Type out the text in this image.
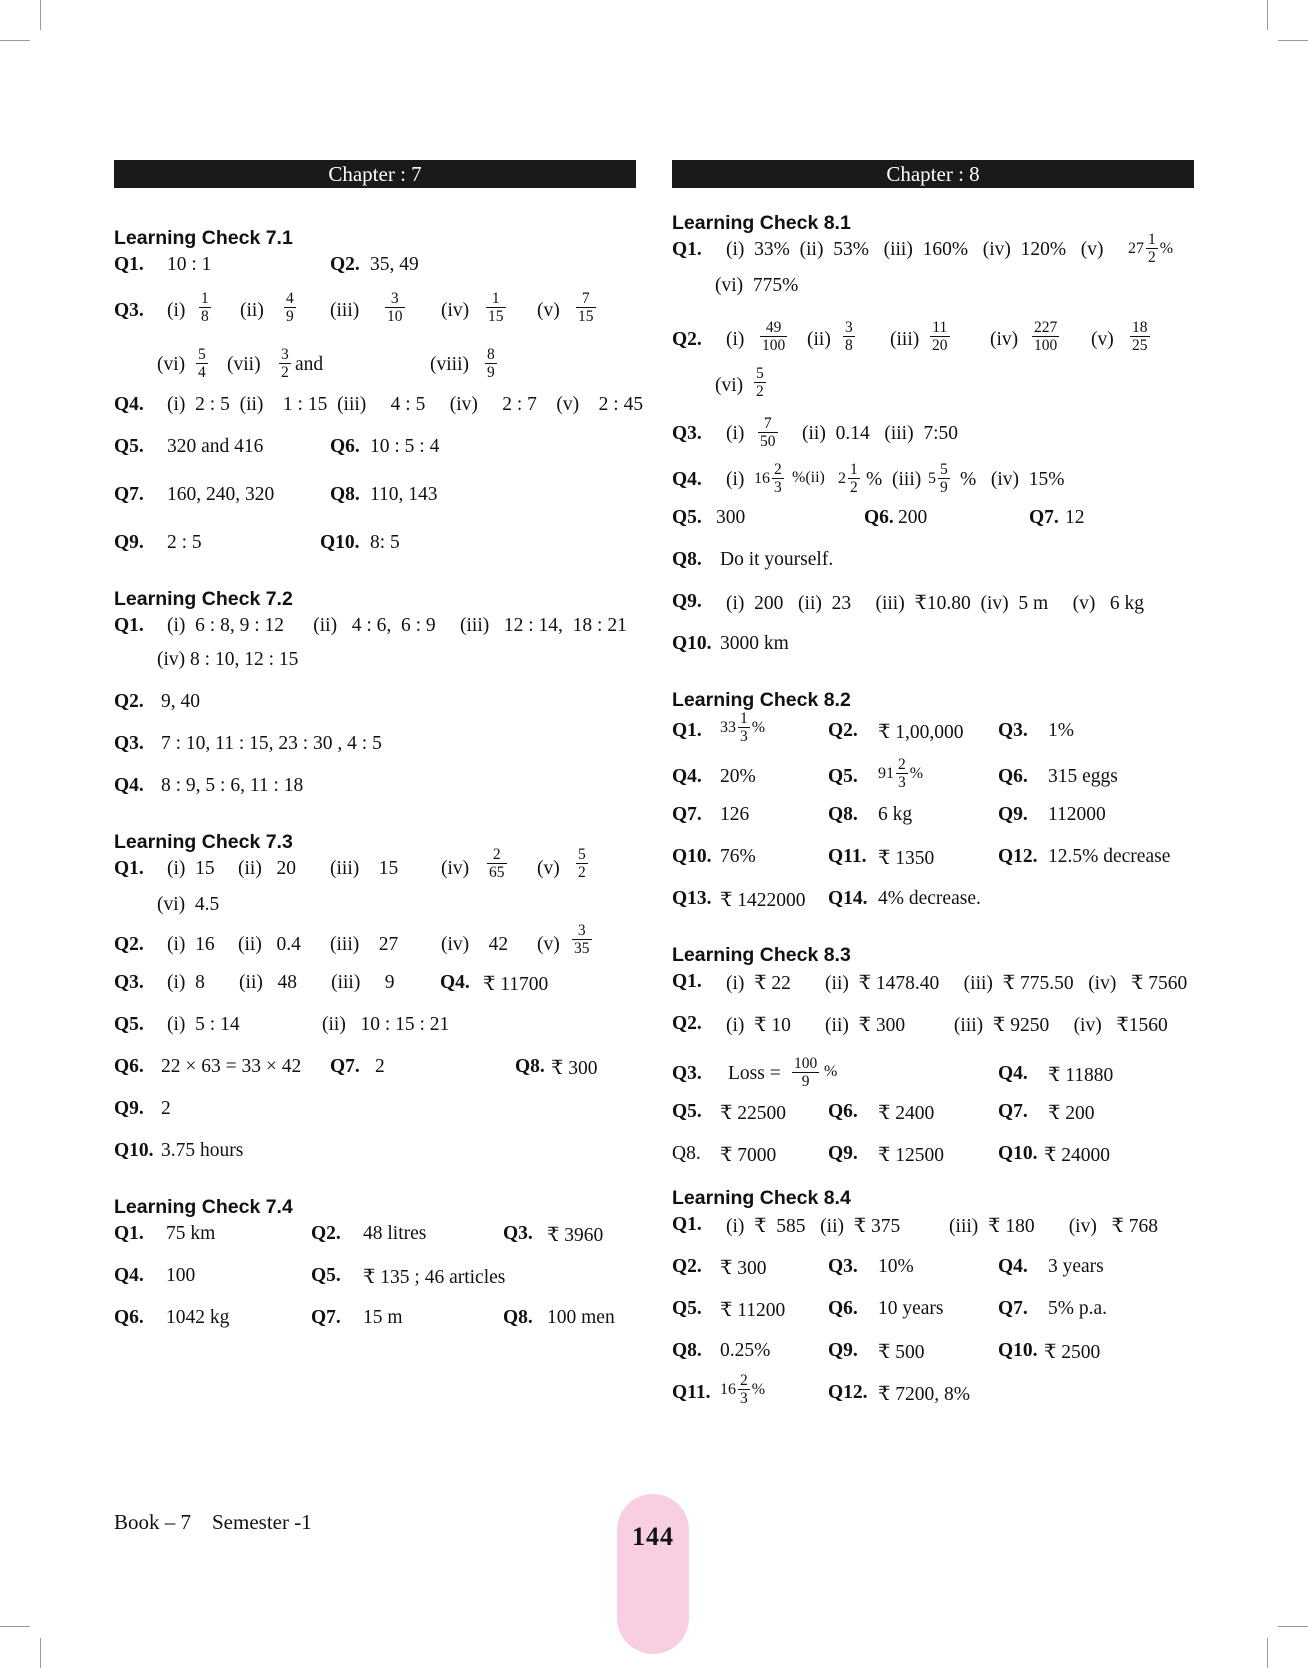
Chapter : 7
Learning Check 7.1
Q1. 10 : 1	Q2. 35, 49
Q3. $(i) \frac{1}{8} (ii) \frac{4}{9} (iii) \frac{3}{10} (iv) \frac{1}{15} (v) \frac{7}{15}$
$(vi) \frac{5}{4} (vii) \frac{3}{2}$ and	(viii) $\frac{8}{9}$
Q4. (i)  2 : 5  (ii)    1 : 15  (iii)     4 : 5     (iv)     2 : 7    (v)    2 : 45
Q5. 320 and 416	Q6. 10 : 5 : 4
Q7. 160, 240, 320	Q8. 110, 143
Q9. 2 : 5	Q10. 8: 5
Learning Check 7.2
Q1. (i)  6 : 8, 9 : 12      (ii)   4 : 6,  6 : 9     (iii)   12 : 14,  18 : 21
(iv) 8 : 10, 12 : 15
Q2. 9, 40
Q3. 7 : 10, 11 : 15, 23 : 30 , 4 : 5
Q4. 8 : 9, 5 : 6, 11 : 18
Learning Check 7.3
Q1. (i)  15 (ii)   20 (iii)    15 $(iv) \frac{2}{65} (v) \frac{5}{2}$
(vi)  4.5
Q2. (i)  16 (ii)   0.4 (iii)    27 (iv)    42 $(v) \frac{3}{35}$
Q3. (i)  8       (ii)   48       (iii)     9 Q4. ₹ 11700
Q5. (i)  5 : 14	(ii)   10 : 15 : 21
Q6. 22 × 63 = 33 × 42 Q7. 2	Q8. ₹ 300
Q9. 2
Q10. 3.75 hours
Learning Check 7.4
Q1. 75 km	Q2. 48 litres	Q3. ₹ 3960
Q4. 100	Q5. ₹ 135 ; 46 articles
Q6. 1042 kg	Q7. 15 m	Q8. 100 men
Chapter : 8
Learning Check 8.1
Q1. (i)  33%  (ii)  53%   (iii)  160%   (iv)  120%   (v) $27 \frac{1}{2}$ %
(vi)  775%
Q2. $(i) \frac{49}{100} (ii) \frac{3}{8} (iii) \frac{11}{20} (iv) \frac{227}{100} (v) \frac{18}{25}$
$(vi) \frac{5}{2}$
Q3. $(i) \frac{7}{50} (ii)$  0.14   (iii)  7:50
Q4. (i) $16 \frac{2}{3} \%(ii)$ $2 \frac{1}{2}$ %  (iii) $5 \frac{5}{9}$ %   (iv)  15%
Q5. 300	Q6. 200	Q7. 12
Q8. Do it yourself.
Q9. (i)  200   (ii)  23     (iii)  ₹10.80  (iv)  5 m     (v)   6 kg
Q10. 3000 km
Learning Check 8.2
Q1. $33 \frac{1}{3}$ %	Q2. ₹ 1,00,000 Q3. 1%
Q4. 20%	Q5. $91 \frac{2}{3}$ %	Q6. 315 eggs
Q7. 126	Q8. 6 kg	Q9. 112000
Q10. 76%	Q11. ₹ 1350	Q12. 12.5% decrease
Q13. ₹ 1422000 Q14. 4% decrease.
Learning Check 8.3
Q1. (i)  ₹ 22       (ii)  ₹ 1478.40     (iii)  ₹ 775.50   (iv)   ₹ 7560
Q2. (i)  ₹ 10       (ii)  ₹ 300          (iii)  ₹ 9250     (iv)   ₹1560
Q3. Loss = $\frac{100}{9}$ %	Q4. ₹ 11880
Q5. ₹ 22500 Q6. ₹ 2400	Q7. ₹ 200
Q8. ₹ 7000	Q9. ₹ 12500	Q10. ₹ 24000
Learning Check 8.4
Q1. (i)  ₹  585   (ii)  ₹ 375          (iii)  ₹ 180       (iv)   ₹ 768
Q2. ₹ 300	Q3. 10%	Q4. 3 years
Q5. ₹ 11200 Q6. 10 years	Q7. 5% p.a.
Q8. 0.25%	Q9. ₹ 500	Q10. ₹ 2500
Q11. $16 \frac{2}{3}$ %	Q12. ₹ 7200, 8%
Book – 7    Semester -1	144
